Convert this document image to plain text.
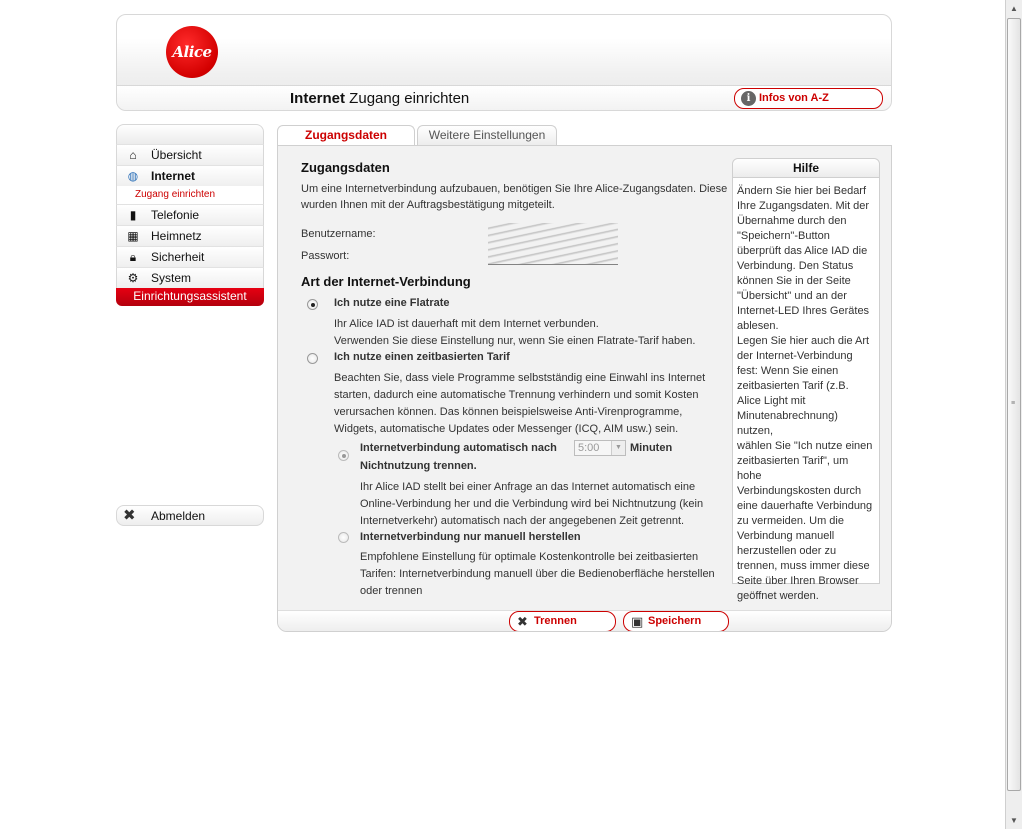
Alice
Internet Zugang einrichten	i Infos von A-Z
⌂	Übersicht
◍	Internet
Zugang einrichten
▮	Telefonie
▦ Heimnetz
🔒︎	Sicherheit
⚙	System
Einrichtungsassistent
✖ Abmelden
Zugangsdaten	Weitere Einstellungen
Zugangsdaten
Um eine Internetverbindung aufzubauen, benötigen Sie Ihre Alice-Zugangsdaten. Diese
wurden Ihnen mit der Auftragsbestätigung mitgeteilt.
Benutzername:
Passwort:
Art der Internet-Verbindung
Ich nutze eine Flatrate
Ihr Alice IAD ist dauerhaft mit dem Internet verbunden.
Verwenden Sie diese Einstellung nur, wenn Sie einen Flatrate-Tarif haben.
Ich nutze einen zeitbasierten Tarif
Beachten Sie, dass viele Programme selbstständig eine Einwahl ins Internet
starten, dadurch eine automatische Trennung verhindern und somit Kosten
verursachen können. Das können beispielsweise Anti-Virenprogramme,
Widgets, automatische Updates oder Messenger (ICQ, AIM usw.) sein.
Internetverbindung automatisch nach	5:00	▼ Minuten
Nichtnutzung trennen.
Ihr Alice IAD stellt bei einer Anfrage an das Internet automatisch eine
Online-Verbindung her und die Verbindung wird bei Nichtnutzung (kein
Internetverkehr) automatisch nach der angegebenen Zeit getrennt.
Internetverbindung nur manuell herstellen
Empfohlene Einstellung für optimale Kostenkontrolle bei zeitbasierten
Tarifen: Internetverbindung manuell über die Bedienoberfläche herstellen
oder trennen
Hilfe
Ändern Sie hier bei Bedarf
Ihre Zugangsdaten. Mit der
Übernahme durch den
"Speichern"-Button
überprüft das Alice IAD die
Verbindung. Den Status
können Sie in der Seite
"Übersicht" und an der
Internet-LED Ihres Gerätes
ablesen.
Legen Sie hier auch die Art
der Internet-Verbindung
fest: Wenn Sie einen
zeitbasierten Tarif (z.B.
Alice Light mit
Minutenabrechnung) nutzen,
wählen Sie "Ich nutze einen
zeitbasierten Tarif", um hohe
Verbindungskosten durch
eine dauerhafte Verbindung
zu vermeiden. Um die
Verbindung manuell
herzustellen oder zu
trennen, muss immer diese
Seite über Ihren Browser
geöffnet werden.
✖ Trennen	▣ Speichern
▲
≡
▼
